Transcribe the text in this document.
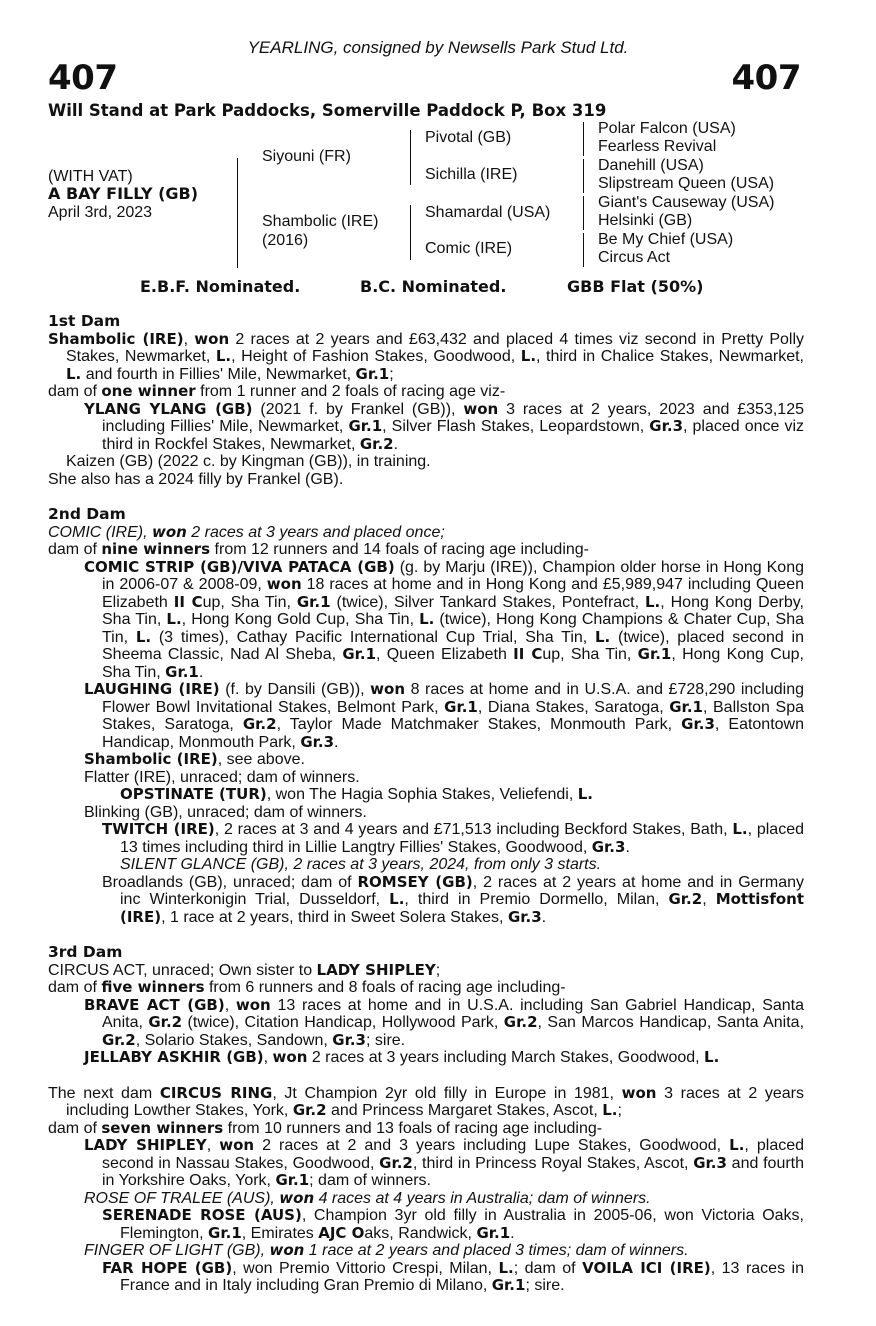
YEARLING, consigned by Newsells Park Stud Ltd.
407	407
Will Stand at Park Paddocks, Somerville Paddock P, Box 319
(WITH VAT)
A BAY FILLY (GB)
April 3rd, 2023
Siyouni (FR)
Shambolic (IRE)
(2016)
Pivotal (GB)
Sichilla (IRE)
Shamardal (USA)
Comic (IRE)
Polar Falcon (USA)
Fearless Revival
Danehill (USA)
Slipstream Queen (USA)
Giant's Causeway (USA)
Helsinki (GB)
Be My Chief (USA)
Circus Act
E.B.F. Nominated.	B.C. Nominated.	GBB Flat (50%)
1st Dam

Shambolic (IRE), won 2 races at 2 years and £63,432 and placed 4 times viz second in Pretty Polly Stakes, Newmarket, L., Height of Fashion Stakes, Goodwood, L., third in Chalice Stakes, Newmarket, L. and fourth in Fillies' Mile, Newmarket, Gr.1;

dam of one winner from 1 runner and 2 foals of racing age viz-

YLANG YLANG (GB) (2021 f. by Frankel (GB)), won 3 races at 2 years, 2023 and £353,125 including Fillies' Mile, Newmarket, Gr.1, Silver Flash Stakes, Leopardstown, Gr.3, placed once viz third in Rockfel Stakes, Newmarket, Gr.2.

Kaizen (GB) (2022 c. by Kingman (GB)), in training.

She also has a 2024 filly by Frankel (GB).

2nd Dam

COMIC (IRE), won 2 races at 3 years and placed once;

dam of nine winners from 12 runners and 14 foals of racing age including-

COMIC STRIP (GB)/VIVA PATACA (GB) (g. by Marju (IRE)), Champion older horse in Hong Kong in 2006-07 & 2008-09, won 18 races at home and in Hong Kong and £5,989,947 including Queen Elizabeth II Cup, Sha Tin, Gr.1 (twice), Silver Tankard Stakes, Pontefract, L., Hong Kong Derby, Sha Tin, L., Hong Kong Gold Cup, Sha Tin, L. (twice), Hong Kong Champions & Chater Cup, Sha Tin, L. (3 times), Cathay Pacific International Cup Trial, Sha Tin, L. (twice), placed second in Sheema Classic, Nad Al Sheba, Gr.1, Queen Elizabeth II Cup, Sha Tin, Gr.1, Hong Kong Cup, Sha Tin, Gr.1.

LAUGHING (IRE) (f. by Dansili (GB)), won 8 races at home and in U.S.A. and £728,290 including Flower Bowl Invitational Stakes, Belmont Park, Gr.1, Diana Stakes, Saratoga, Gr.1, Ballston Spa Stakes, Saratoga, Gr.2, Taylor Made Matchmaker Stakes, Monmouth Park, Gr.3, Eatontown Handicap, Monmouth Park, Gr.3.

Shambolic (IRE), see above.

Flatter (IRE), unraced; dam of winners.

OPSTINATE (TUR), won The Hagia Sophia Stakes, Veliefendi, L.

Blinking (GB), unraced; dam of winners.

TWITCH (IRE), 2 races at 3 and 4 years and £71,513 including Beckford Stakes, Bath, L., placed 13 times including third in Lillie Langtry Fillies' Stakes, Goodwood, Gr.3.

SILENT GLANCE (GB), 2 races at 3 years, 2024, from only 3 starts.

Broadlands (GB), unraced; dam of ROMSEY (GB), 2 races at 2 years at home and in Germany inc Winterkonigin Trial, Dusseldorf, L., third in Premio Dormello, Milan, Gr.2, Mottisfont (IRE), 1 race at 2 years, third in Sweet Solera Stakes, Gr.3.

3rd Dam

CIRCUS ACT, unraced; Own sister to LADY SHIPLEY;

dam of five winners from 6 runners and 8 foals of racing age including-

BRAVE ACT (GB), won 13 races at home and in U.S.A. including San Gabriel Handicap, Santa Anita, Gr.2 (twice), Citation Handicap, Hollywood Park, Gr.2, San Marcos Handicap, Santa Anita, Gr.2, Solario Stakes, Sandown, Gr.3; sire.

JELLABY ASKHIR (GB), won 2 races at 3 years including March Stakes, Goodwood, L.

The next dam CIRCUS RING, Jt Champion 2yr old filly in Europe in 1981, won 3 races at 2 years including Lowther Stakes, York, Gr.2 and Princess Margaret Stakes, Ascot, L.;

dam of seven winners from 10 runners and 13 foals of racing age including-

LADY SHIPLEY, won 2 races at 2 and 3 years including Lupe Stakes, Goodwood, L., placed second in Nassau Stakes, Goodwood, Gr.2, third in Princess Royal Stakes, Ascot, Gr.3 and fourth in Yorkshire Oaks, York, Gr.1; dam of winners.

ROSE OF TRALEE (AUS), won 4 races at 4 years in Australia; dam of winners.

SERENADE ROSE (AUS), Champion 3yr old filly in Australia in 2005-06, won Victoria Oaks, Flemington, Gr.1, Emirates AJC Oaks, Randwick, Gr.1.

FINGER OF LIGHT (GB), won 1 race at 2 years and placed 3 times; dam of winners.

FAR HOPE (GB), won Premio Vittorio Crespi, Milan, L.; dam of VOILA ICI (IRE), 13 races in France and in Italy including Gran Premio di Milano, Gr.1; sire.
